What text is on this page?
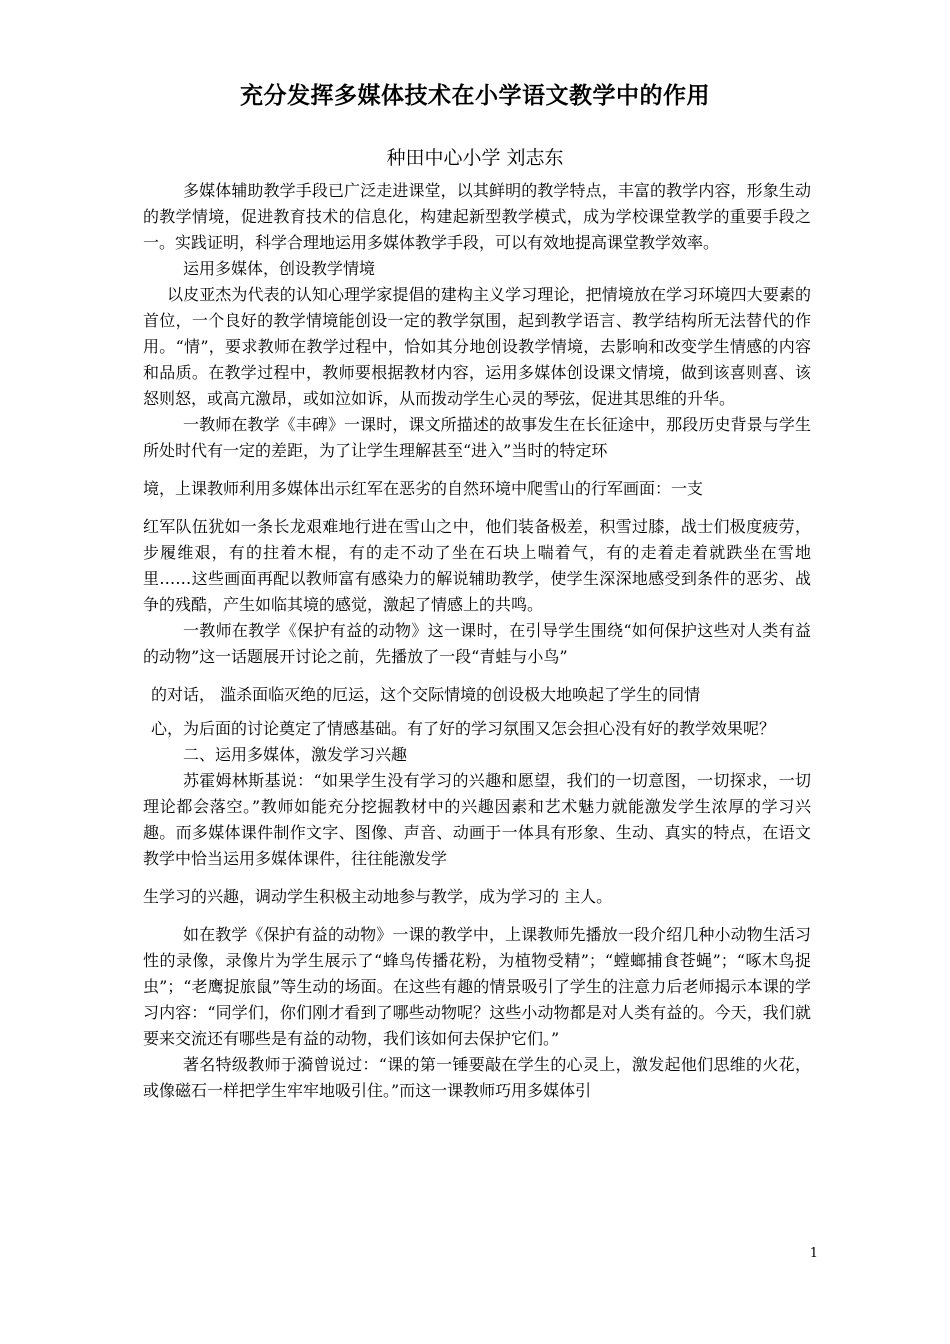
充分发挥多媒体技术在小学语文教学中的作用
种田中心小学 刘志东

多媒体辅助教学手段已广泛走进课堂，以其鲜明的教学特点，丰富的教学内容，形象生动的教学情境，促进教育技术的信息化，构建起新型教学模式，成为学校课堂教学的重要手段之一。实践证明，科学合理地运用多媒体教学手段，可以有效地提高课堂教学效率。

运用多媒体，创设教学情境

以皮亚杰为代表的认知心理学家提倡的建构主义学习理论，把情境放在学习环境四大要素的首位，一个良好的教学情境能创设一定的教学氛围，起到教学语言、教学结构所无法替代的作用。“情”，要求教师在教学过程中，恰如其分地创设教学情境，去影响和改变学生情感的内容和品质。在教学过程中，教师要根据教材内容，运用多媒体创设课文情境，做到该喜则喜、该怒则怒，或高亢激昂，或如泣如诉，从而拨动学生心灵的琴弦，促进其思维的升华。

一教师在教学《丰碑》一课时，课文所描述的故事发生在长征途中，那段历史背景与学生所处时代有一定的差距，为了让学生理解甚至“进入”当时的特定环

境，上课教师利用多媒体出示红军在恶劣的自然环境中爬雪山的行军画面：一支

红军队伍犹如一条长龙艰难地行进在雪山之中，他们装备极差，积雪过膝，战士们极度疲劳，步履维艰，有的拄着木棍，有的走不动了坐在石块上喘着气，有的走着走着就跌坐在雪地里……这些画面再配以教师富有感染力的解说辅助教学，使学生深深地感受到条件的恶劣、战争的残酷，产生如临其境的感觉，激起了情感上的共鸣。

一教师在教学《保护有益的动物》这一课时，在引导学生围绕“如何保护这些对人类有益的动物”这一话题展开讨论之前，先播放了一段“青蛙与小鸟”

的对话， 滥杀面临灭绝的厄运，这个交际情境的创设极大地唤起了学生的同情

心，为后面的讨论奠定了情感基础。有了好的学习氛围又怎会担心没有好的教学效果呢？

二、运用多媒体，激发学习兴趣

苏霍姆林斯基说：“如果学生没有学习的兴趣和愿望，我们的一切意图，一切探求，一切理论都会落空。”教师如能充分挖掘教材中的兴趣因素和艺术魅力就能激发学生浓厚的学习兴趣。而多媒体课件制作文字、图像、声音、动画于一体具有形象、生动、真实的特点，在语文教学中恰当运用多媒体课件，往往能激发学

生学习的兴趣，调动学生积极主动地参与教学，成为学习的 主人。

如在教学《保护有益的动物》一课的教学中，上课教师先播放一段介绍几种小动物生活习性的录像，录像片为学生展示了“蜂鸟传播花粉，为植物受精”；“螳螂捕食苍蝇”；“啄木鸟捉虫”；“老鹰捉旅鼠”等生动的场面。在这些有趣的情景吸引了学生的注意力后老师揭示本课的学习内容：“同学们，你们刚才看到了哪些动物呢？这些小动物都是对人类有益的。今天，我们就要来交流还有哪些是有益的动物，我们该如何去保护它们。”

著名特级教师于漪曾说过：“课的第一锤要敲在学生的心灵上，激发起他们思维的火花，或像磁石一样把学生牢牢地吸引住。”而这一课教师巧用多媒体引

1
